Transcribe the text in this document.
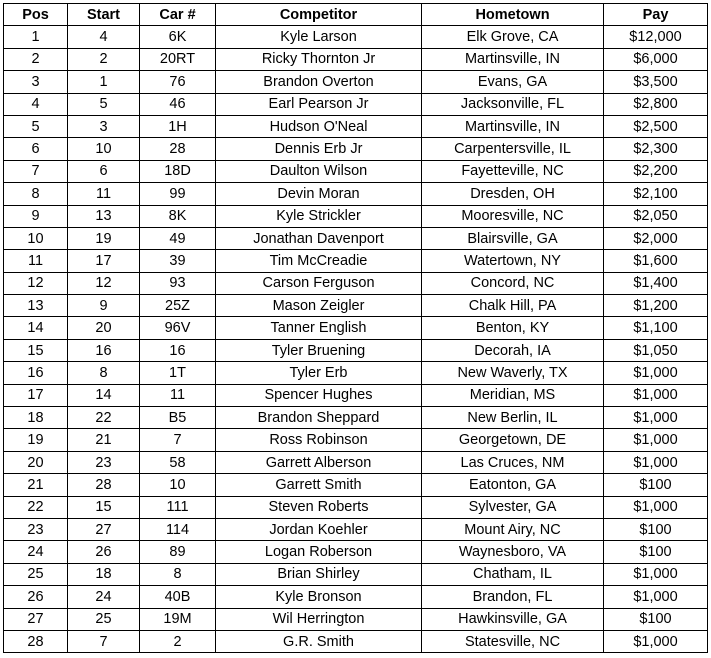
Pos	Start	Car #	Competitor	Hometown	Pay
1	4	6K	Kyle Larson	Elk Grove, CA	$12,000
2	2	20RT	Ricky Thornton Jr	Martinsville, IN	$6,000
3	1	76	Brandon Overton	Evans, GA	$3,500
4	5	46	Earl Pearson Jr	Jacksonville, FL	$2,800
5	3	1H	Hudson O'Neal	Martinsville, IN	$2,500
6	10	28	Dennis Erb Jr	Carpentersville, IL	$2,300
7	6	18D	Daulton Wilson	Fayetteville, NC	$2,200
8	11	99	Devin Moran	Dresden, OH	$2,100
9	13	8K	Kyle Strickler	Mooresville, NC	$2,050
10	19	49	Jonathan Davenport	Blairsville, GA	$2,000
11	17	39	Tim McCreadie	Watertown, NY	$1,600
12	12	93	Carson Ferguson	Concord, NC	$1,400
13	9	25Z	Mason Zeigler	Chalk Hill, PA	$1,200
14	20	96V	Tanner English	Benton, KY	$1,100
15	16	16	Tyler Bruening	Decorah, IA	$1,050
16	8	1T	Tyler Erb	New Waverly, TX	$1,000
17	14	11	Spencer Hughes	Meridian, MS	$1,000
18	22	B5	Brandon Sheppard	New Berlin, IL	$1,000
19	21	7	Ross Robinson	Georgetown, DE	$1,000
20	23	58	Garrett Alberson	Las Cruces, NM	$1,000
21	28	10	Garrett Smith	Eatonton, GA	$100
22	15	111	Steven Roberts	Sylvester, GA	$1,000
23	27	114	Jordan Koehler	Mount Airy, NC	$100
24	26	89	Logan Roberson	Waynesboro, VA	$100
25	18	8	Brian Shirley	Chatham, IL	$1,000
26	24	40B	Kyle Bronson	Brandon, FL	$1,000
27	25	19M	Wil Herrington	Hawkinsville, GA	$100
28	7	2	G.R. Smith	Statesville, NC	$1,000
